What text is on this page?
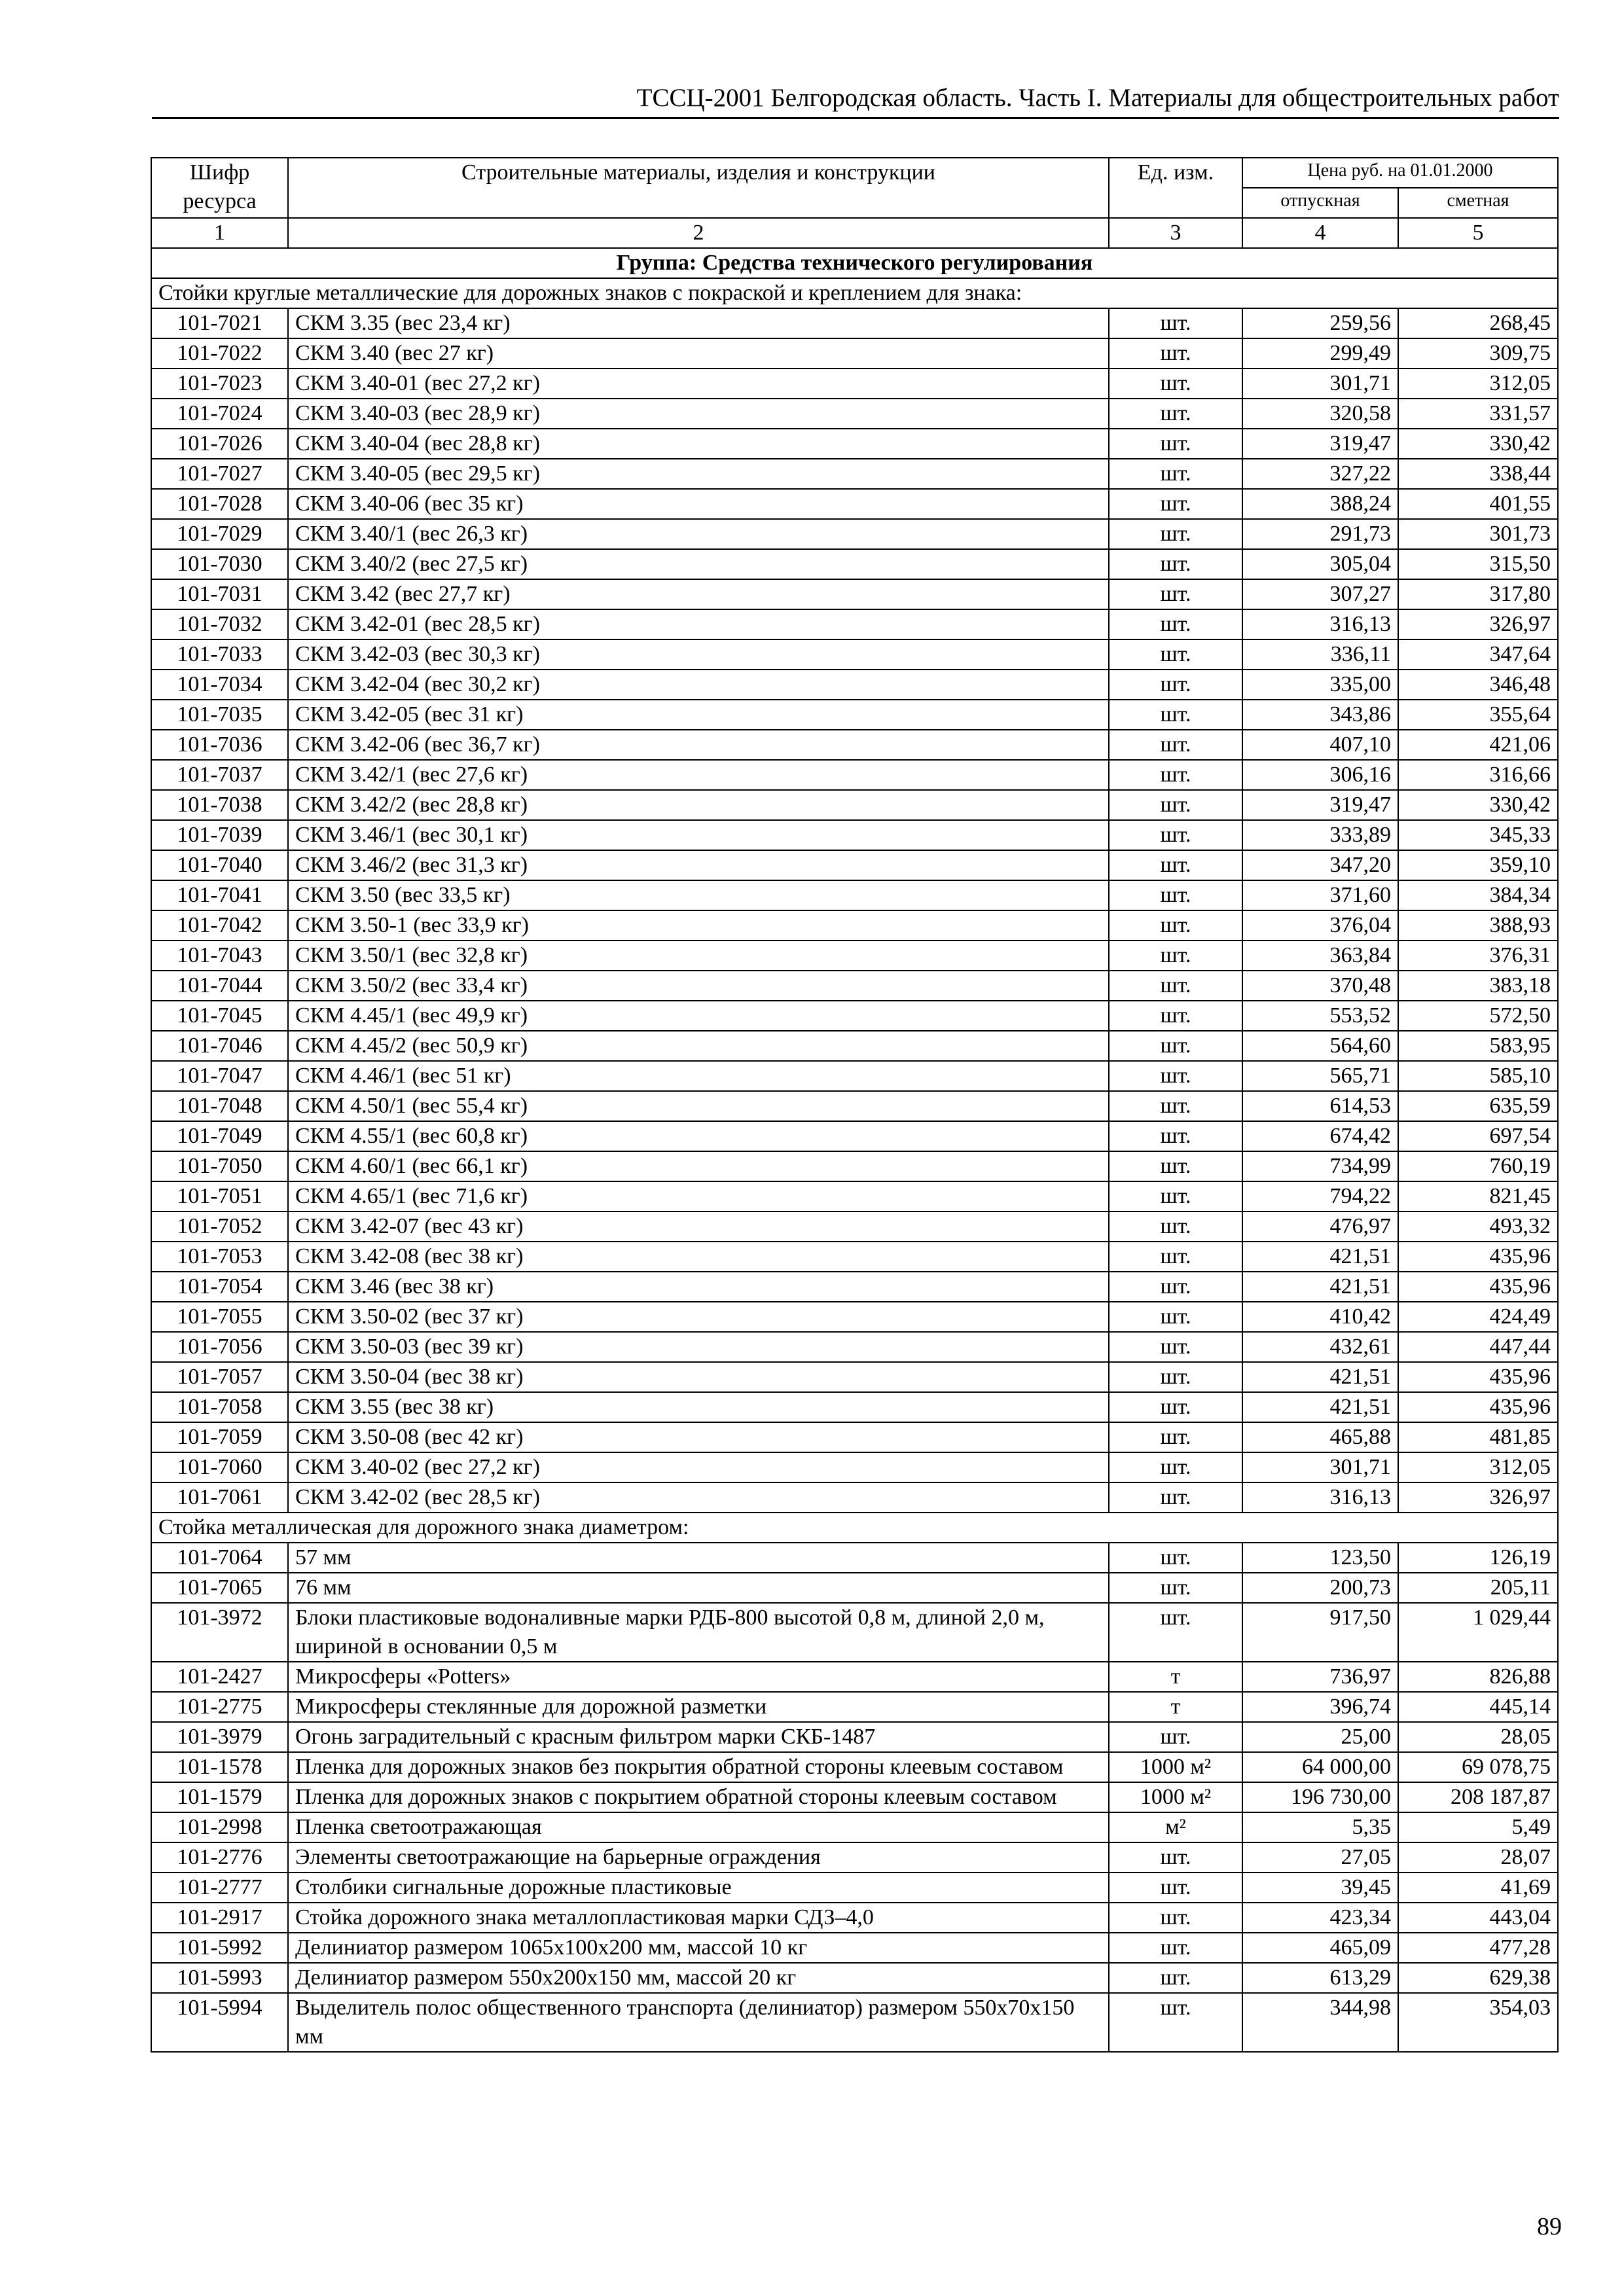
ТССЦ-2001 Белгородская область. Часть I. Материалы для общестроительных работ
Шифр ресурса	Строительные материалы, изделия и конструкции	Ед. изм.	Цена руб. на 01.01.2000	
			отпускная	сметная
1	2	3	4	5
Группа: Средства технического регулирования				
Стойки круглые металлические для дорожных знаков с покраской и креплением для знака:				
101-7021	СКМ 3.35 (вес 23,4 кг)	шт.	259,56	268,45
101-7022	СКМ 3.40 (вес 27 кг)	шт.	299,49	309,75
101-7023	СКМ 3.40-01 (вес 27,2 кг)	шт.	301,71	312,05
101-7024	СКМ 3.40-03 (вес 28,9 кг)	шт.	320,58	331,57
101-7026	СКМ 3.40-04 (вес 28,8 кг)	шт.	319,47	330,42
101-7027	СКМ 3.40-05 (вес 29,5 кг)	шт.	327,22	338,44
101-7028	СКМ 3.40-06 (вес 35 кг)	шт.	388,24	401,55
101-7029	СКМ 3.40/1 (вес 26,3 кг)	шт.	291,73	301,73
101-7030	СКМ 3.40/2 (вес 27,5 кг)	шт.	305,04	315,50
101-7031	СКМ 3.42 (вес 27,7 кг)	шт.	307,27	317,80
101-7032	СКМ 3.42-01 (вес 28,5 кг)	шт.	316,13	326,97
101-7033	СКМ 3.42-03 (вес 30,3 кг)	шт.	336,11	347,64
101-7034	СКМ 3.42-04 (вес 30,2 кг)	шт.	335,00	346,48
101-7035	СКМ 3.42-05 (вес 31 кг)	шт.	343,86	355,64
101-7036	СКМ 3.42-06 (вес 36,7 кг)	шт.	407,10	421,06
101-7037	СКМ 3.42/1 (вес 27,6 кг)	шт.	306,16	316,66
101-7038	СКМ 3.42/2 (вес 28,8 кг)	шт.	319,47	330,42
101-7039	СКМ 3.46/1 (вес 30,1 кг)	шт.	333,89	345,33
101-7040	СКМ 3.46/2 (вес 31,3 кг)	шт.	347,20	359,10
101-7041	СКМ 3.50 (вес 33,5 кг)	шт.	371,60	384,34
101-7042	СКМ 3.50-1 (вес 33,9 кг)	шт.	376,04	388,93
101-7043	СКМ 3.50/1 (вес 32,8 кг)	шт.	363,84	376,31
101-7044	СКМ 3.50/2 (вес 33,4 кг)	шт.	370,48	383,18
101-7045	СКМ 4.45/1 (вес 49,9 кг)	шт.	553,52	572,50
101-7046	СКМ 4.45/2 (вес 50,9 кг)	шт.	564,60	583,95
101-7047	СКМ 4.46/1 (вес 51 кг)	шт.	565,71	585,10
101-7048	СКМ 4.50/1 (вес 55,4 кг)	шт.	614,53	635,59
101-7049	СКМ 4.55/1 (вес 60,8 кг)	шт.	674,42	697,54
101-7050	СКМ 4.60/1 (вес 66,1 кг)	шт.	734,99	760,19
101-7051	СКМ 4.65/1 (вес 71,6 кг)	шт.	794,22	821,45
101-7052	СКМ 3.42-07 (вес 43 кг)	шт.	476,97	493,32
101-7053	СКМ 3.42-08 (вес 38 кг)	шт.	421,51	435,96
101-7054	СКМ 3.46 (вес 38 кг)	шт.	421,51	435,96
101-7055	СКМ 3.50-02 (вес 37 кг)	шт.	410,42	424,49
101-7056	СКМ 3.50-03 (вес 39 кг)	шт.	432,61	447,44
101-7057	СКМ 3.50-04 (вес 38 кг)	шт.	421,51	435,96
101-7058	СКМ 3.55 (вес 38 кг)	шт.	421,51	435,96
101-7059	СКМ 3.50-08 (вес 42 кг)	шт.	465,88	481,85
101-7060	СКМ 3.40-02 (вес 27,2 кг)	шт.	301,71	312,05
101-7061	СКМ 3.42-02 (вес 28,5 кг)	шт.	316,13	326,97
Стойка металлическая для дорожного знака диаметром:				
101-7064	57 мм	шт.	123,50	126,19
101-7065	76 мм	шт.	200,73	205,11
101-3972	Блоки пластиковые водоналивные марки РДБ-800 высотой 0,8 м, длиной 2,0 м, шириной в основании 0,5 м	шт.	917,50	1 029,44
101-2427	Микросферы «Potters»	т	736,97	826,88
101-2775	Микросферы стеклянные для дорожной разметки	т	396,74	445,14
101-3979	Огонь заградительный с красным фильтром марки СКБ-1487	шт.	25,00	28,05
101-1578	Пленка для дорожных знаков без покрытия обратной стороны клеевым составом	1000 м²	64 000,00	69 078,75
101-1579	Пленка для дорожных знаков с покрытием обратной стороны клеевым составом	1000 м²	196 730,00	208 187,87
101-2998	Пленка светоотражающая	м²	5,35	5,49
101-2776	Элементы светоотражающие на барьерные ограждения	шт.	27,05	28,07
101-2777	Столбики сигнальные дорожные пластиковые	шт.	39,45	41,69
101-2917	Стойка дорожного знака металлопластиковая марки СДЗ–4,0	шт.	423,34	443,04
101-5992	Делиниатор размером 1065х100х200 мм, массой 10 кг	шт.	465,09	477,28
101-5993	Делиниатор размером 550х200х150 мм, массой 20 кг	шт.	613,29	629,38
101-5994	Выделитель полос общественного транспорта (делиниатор) размером 550х70х150 мм	шт.	344,98	354,03
89
